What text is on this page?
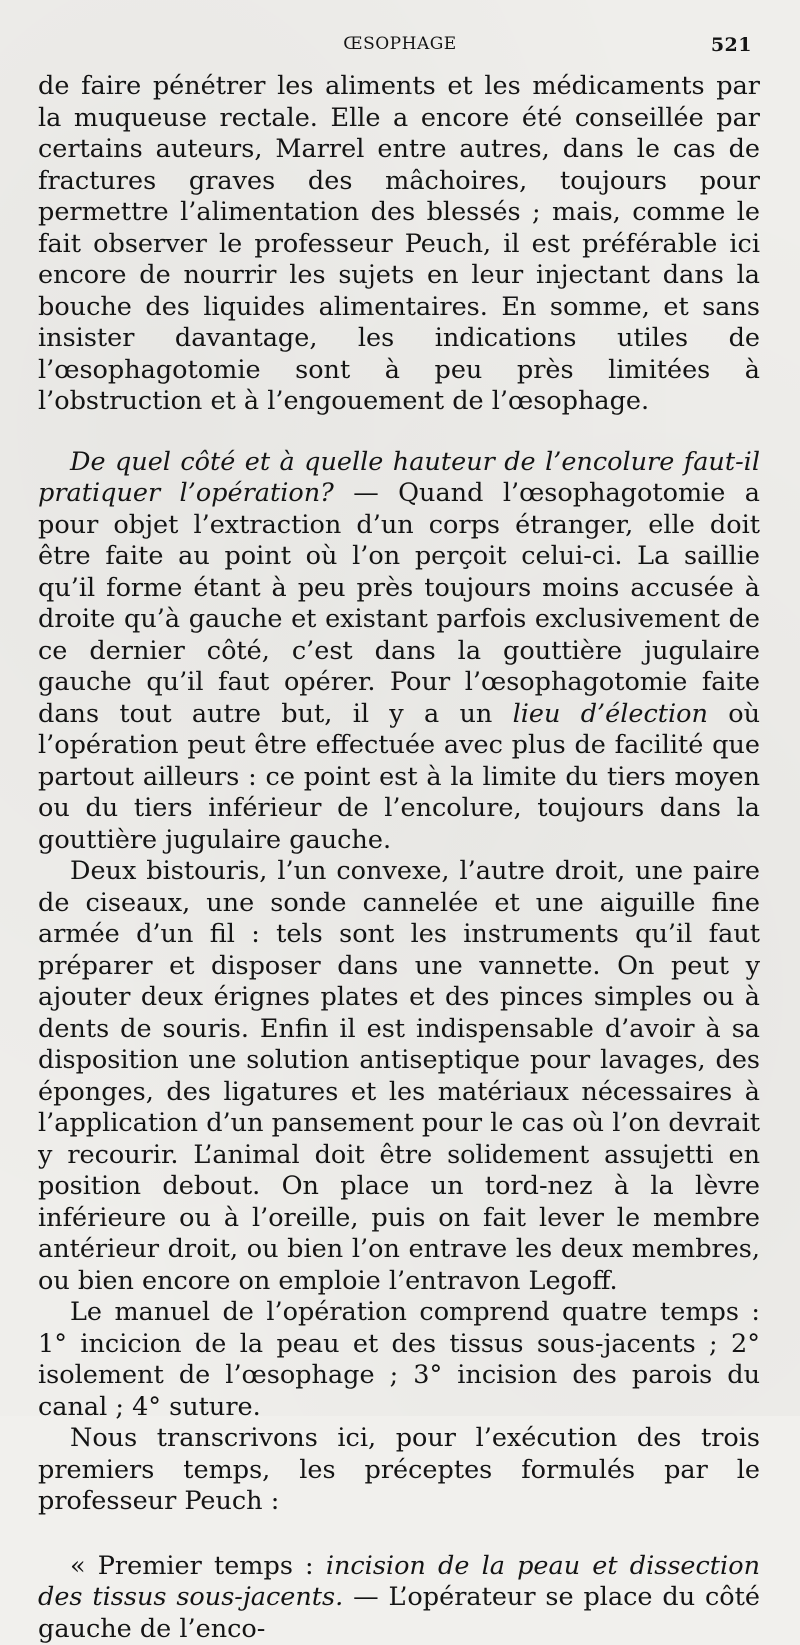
ŒSOPHAGE	521

de faire pénétrer les aliments et les médicaments par la muqueuse rectale. Elle a encore été conseillée par certains auteurs, Marrel entre autres, dans le cas de fractures graves des mâchoires, toujours pour permettre l’alimentation des blessés ; mais, comme le fait observer le professeur Peuch, il est préférable ici encore de nourrir les sujets en leur injectant dans la bouche des liquides alimentaires. En somme, et sans insister davantage, les indications utiles de l’œsophagotomie sont à peu près limitées à l’obstruction et à l’engouement de l’œsophage.

De quel côté et à quelle hauteur de l’encolure faut-il pratiquer l’opération? — Quand l’œsophagotomie a pour objet l’extraction d’un corps étranger, elle doit être faite au point où l’on perçoit celui-ci. La saillie qu’il forme étant à peu près toujours moins accusée à droite qu’à gauche et existant parfois exclusivement de ce dernier côté, c’est dans la gouttière jugulaire gauche qu’il faut opérer. Pour l’œsophagotomie faite dans tout autre but, il y a un lieu d’élection où l’opération peut être effectuée avec plus de facilité que partout ailleurs : ce point est à la limite du tiers moyen ou du tiers inférieur de l’encolure, toujours dans la gouttière jugulaire gauche.

Deux bistouris, l’un convexe, l’autre droit, une paire de ciseaux, une sonde cannelée et une aiguille fine armée d’un fil : tels sont les instruments qu’il faut préparer et disposer dans une vannette. On peut y ajouter deux érignes plates et des pinces simples ou à dents de souris. Enfin il est indispensable d’avoir à sa disposition une solution antiseptique pour lavages, des éponges, des ligatures et les matériaux nécessaires à l’application d’un pansement pour le cas où l’on devrait y recourir. L’animal doit être solidement assujetti en position debout. On place un tord-nez à la lèvre inférieure ou à l’oreille, puis on fait lever le membre antérieur droit, ou bien l’on entrave les deux membres, ou bien encore on emploie l’entravon Legoff.

Le manuel de l’opération comprend quatre temps : 1° incicion de la peau et des tissus sous-jacents ; 2° isolement de l’œsophage ; 3° incision des parois du canal ; 4° suture.

Nous transcrivons ici, pour l’exécution des trois premiers temps, les préceptes formulés par le professeur Peuch :

« Premier temps : incision de la peau et dissection des tissus sous-jacents. — L’opérateur se place du côté gauche de l’enco-
